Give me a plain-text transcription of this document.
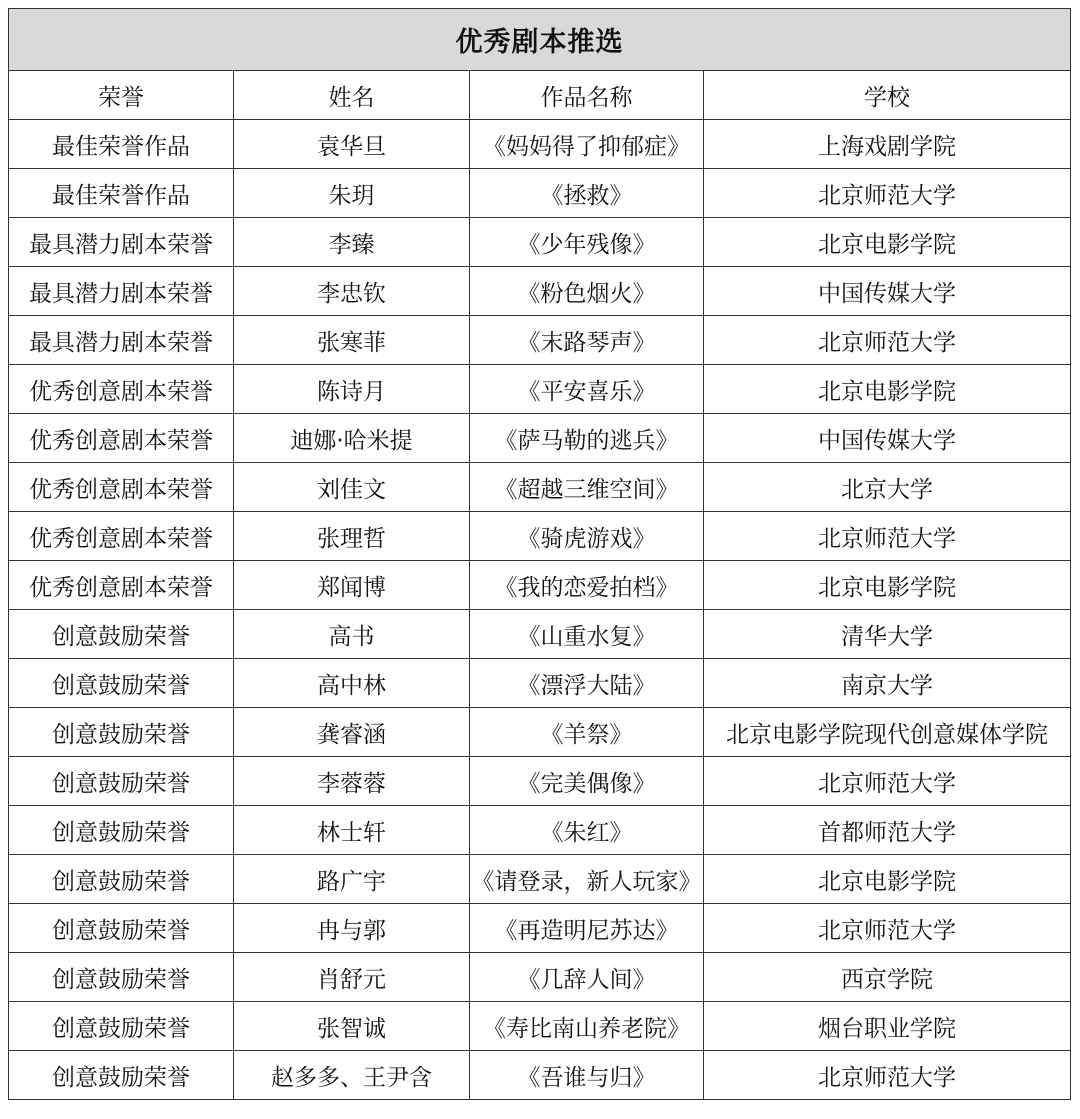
优秀剧本推选			
荣誉	姓名	作品名称	学校
最佳荣誉作品	袁华旦	《妈妈得了抑郁症》	上海戏剧学院
最佳荣誉作品	朱玥	《拯救》	北京师范大学
最具潜力剧本荣誉	李臻	《少年残像》	北京电影学院
最具潜力剧本荣誉	李忠钦	《粉色烟火》	中国传媒大学
最具潜力剧本荣誉	张寒菲	《末路琴声》	北京师范大学
优秀创意剧本荣誉	陈诗月	《平安喜乐》	北京电影学院
优秀创意剧本荣誉	迪娜·哈米提	《萨马勒的逃兵》	中国传媒大学
优秀创意剧本荣誉	刘佳文	《超越三维空间》	北京大学
优秀创意剧本荣誉	张理哲	《骑虎游戏》	北京师范大学
优秀创意剧本荣誉	郑闻博	《我的恋爱拍档》	北京电影学院
创意鼓励荣誉	高书	《山重水复》	清华大学
创意鼓励荣誉	高中林	《漂浮大陆》	南京大学
创意鼓励荣誉	龚睿涵	《羊祭》	北京电影学院现代创意媒体学院
创意鼓励荣誉	李蓉蓉	《完美偶像》	北京师范大学
创意鼓励荣誉	林士轩	《朱红》	首都师范大学
创意鼓励荣誉	路广宇	《请登录，新人玩家》	北京电影学院
创意鼓励荣誉	冉与郭	《再造明尼苏达》	北京师范大学
创意鼓励荣誉	肖舒元	《几辞人间》	西京学院
创意鼓励荣誉	张智诚	《寿比南山养老院》	烟台职业学院
创意鼓励荣誉	赵多多、王尹含	《吾谁与归》	北京师范大学
